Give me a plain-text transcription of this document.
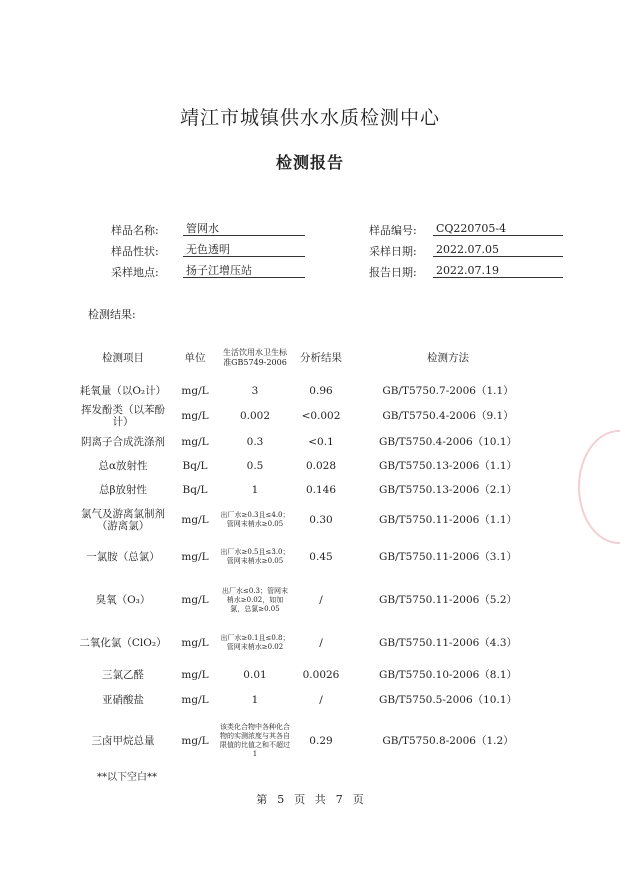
靖江市城镇供水水质检测中心
检测报告
样品名称:	管网水
样品性状:	无色透明
采样地点:	扬子江增压站
样品编号:	CQ220705-4
采样日期:	2022.07.05
报告日期:	2022.07.19
检测结果:
检测项目	单位	生活饮用水卫生标准GB5749-2006	分析结果	检测方法
耗氧量（以O₂计）	mg/L	3	0.96	GB/T5750.7-2006（1.1）
挥发酚类（以苯酚计）	mg/L	0.002	<0.002	GB/T5750.4-2006（9.1）
阴离子合成洗涤剂	mg/L	0.3	<0.1	GB/T5750.4-2006（10.1）
总α放射性	Bq/L	0.5	0.028	GB/T5750.13-2006（1.1）
总β放射性	Bq/L	1	0.146	GB/T5750.13-2006（2.1）
氯气及游离氯制剂（游离氯）	mg/L	出厂水≥0.3且≤4.0；管网末梢水≥0.05	0.30	GB/T5750.11-2006（1.1）
一氯胺（总氯）	mg/L	出厂水≥0.5且≤3.0；管网末梢水≥0.05	0.45	GB/T5750.11-2006（3.1）
臭氧（O₃）	mg/L	出厂水≤0.3；管网末梢水≥0.02，如加氯，总氯≥0.05	/	GB/T5750.11-2006（5.2）
二氧化氯（ClO₂）	mg/L	出厂水≥0.1且≤0.8；管网末梢水≥0.02	/	GB/T5750.11-2006（4.3）
三氯乙醛	mg/L	0.01	0.0026	GB/T5750.10-2006（8.1）
亚硝酸盐	mg/L	1	/	GB/T5750.5-2006（10.1）
三卤甲烷总量	mg/L	该类化合物中各种化合物的实测浓度与其各自限值的比值之和不超过1	0.29	GB/T5750.8-2006（1.2）
**以下空白**
第 5 页 共 7 页
